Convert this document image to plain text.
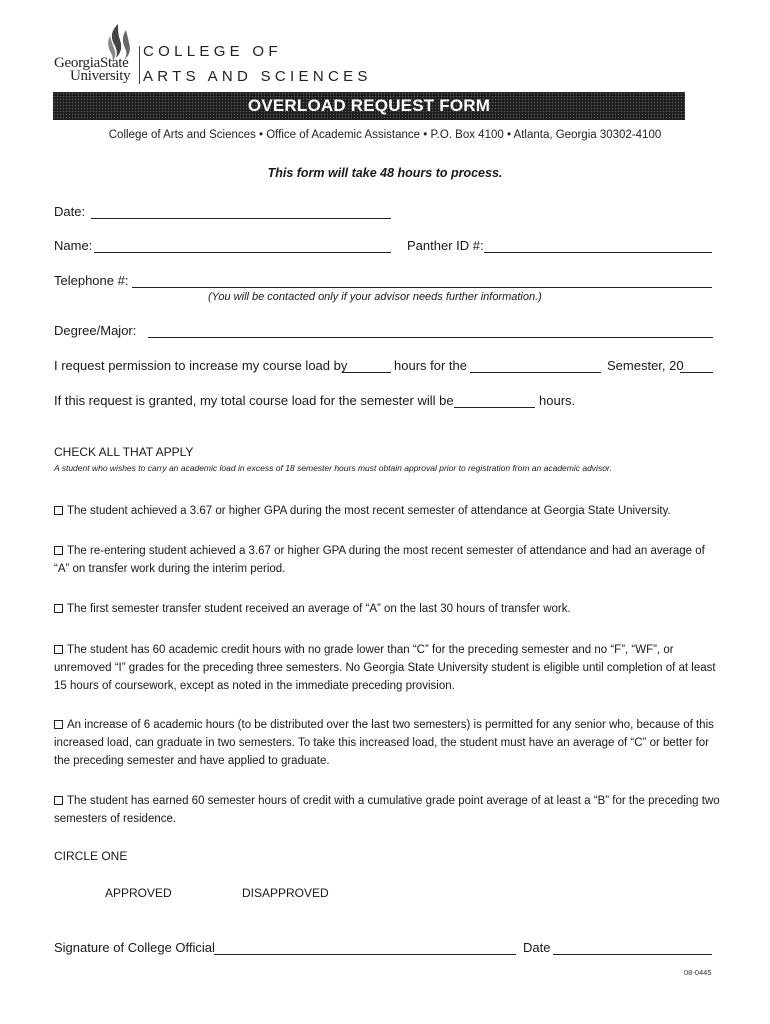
GeorgiaState
University
COLLEGE OF
ARTS AND SCIENCES
OVERLOAD REQUEST FORM
College of Arts and Sciences • Office of Academic Assistance • P.O. Box 4100 • Atlanta, Georgia 30302-4100
This form will take 48 hours to process.
Date:
Name:	Panther ID #:
Telephone #:
(You will be contacted only if your advisor needs further information.)
Degree/Major:
I request permission to increase my course load by	hours for the	Semester, 20
If this request is granted, my total course load for the semester will be	hours.
CHECK ALL THAT APPLY
A student who wishes to carry an academic load in excess of 18 semester hours must obtain approval prior to registration from an academic advisor.
The student achieved a 3.67 or higher GPA during the most recent semester of attendance at Georgia State University.
The re-entering student achieved a 3.67 or higher GPA during the most recent semester of attendance and had an average of “A” on transfer work during the interim period.
The first semester transfer student received an average of “A” on the last 30 hours of transfer work.
The student has 60 academic credit hours with no grade lower than “C” for the preceding semester and no “F”, “WF”, or unremoved “I” grades for the preceding three semesters. No Georgia State University student is eligible until completion of at least 15 hours of coursework, except as noted in the immediate preceding provision.
An increase of 6 academic hours (to be distributed over the last two semesters) is permitted for any senior who, because of this increased load, can graduate in two semesters. To take this increased load, the student must have an average of “C” or better for the preceding semester and have applied to graduate.
The student has earned 60 semester hours of credit with a cumulative grade point average of at least a “B” for the preceding two semesters of residence.
CIRCLE ONE
APPROVED	DISAPPROVED
Signature of College Official	Date
08-0445
